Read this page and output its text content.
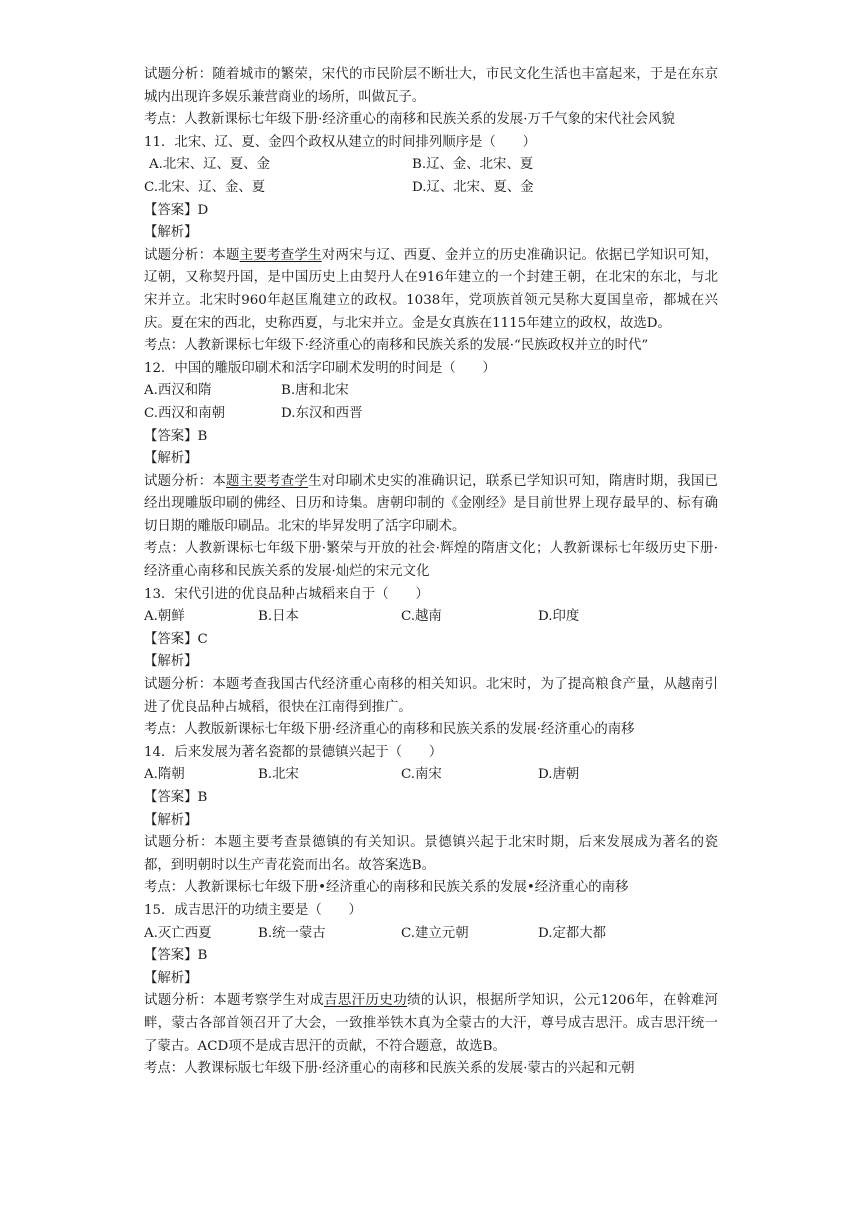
试题分析：随着城市的繁荣，宋代的市民阶层不断壮大，市民文化生活也丰富起来，于是在东京城内出现许多娱乐兼营商业的场所，叫做瓦子。

考点：人教新课标七年级下册·经济重心的南移和民族关系的发展·万千气象的宋代社会风貌

11．北宋、辽、夏、金四个政权从建立的时间排列顺序是（　　）
A.北宋、辽、夏、金	B.辽、金、北宋、夏
C.北宋、辽、金、夏	D.辽、北宋、夏、金
【答案】D
【解析】

试题分析：本题主要考查学生对两宋与辽、西夏、金并立的历史准确识记。依据已学知识可知，辽朝，又称契丹国，是中国历史上由契丹人在916年建立的一个封建王朝，在北宋的东北，与北宋并立。北宋时960年赵匡胤建立的政权。1038年，党项族首领元昊称大夏国皇帝，都城在兴庆。夏在宋的西北，史称西夏，与北宋并立。金是女真族在1115年建立的政权，故选D。

考点：人教新课标七年级下·经济重心的南移和民族关系的发展·“民族政权并立的时代”

12．中国的雕版印刷术和活字印刷术发明的时间是（　　）
A.西汉和隋	B.唐和北宋
C.西汉和南朝	D.东汉和西晋
【答案】B
【解析】

试题分析：本题主要考查学生对印刷术史实的准确识记，联系已学知识可知，隋唐时期，我国已经出现雕版印刷的佛经、日历和诗集。唐朝印制的《金刚经》是目前世界上现存最早的、标有确切日期的雕版印刷品。北宋的毕昇发明了活字印刷术。

考点：人教新课标七年级下册·繁荣与开放的社会·辉煌的隋唐文化；人教新课标七年级历史下册·经济重心南移和民族关系的发展·灿烂的宋元文化

13．宋代引进的优良品种占城稻来自于（　　）
A.朝鲜	B.日本	C.越南	D.印度
【答案】C
【解析】

试题分析：本题考查我国古代经济重心南移的相关知识。北宋时，为了提高粮食产量，从越南引进了优良品种占城稻，很快在江南得到推广。

考点：人教版新课标七年级下册·经济重心的南移和民族关系的发展·经济重心的南移

14．后来发展为著名瓷都的景德镇兴起于（　　）
A.隋朝	B.北宋	C.南宋	D.唐朝
【答案】B
【解析】

试题分析：本题主要考查景德镇的有关知识。景德镇兴起于北宋时期，后来发展成为著名的瓷都，到明朝时以生产青花瓷而出名。故答案选B。

考点：人教新课标七年级下册•经济重心的南移和民族关系的发展•经济重心的南移

15．成吉思汗的功绩主要是（　　）
A.灭亡西夏	B.统一蒙古	C.建立元朝	D.定都大都
【答案】B
【解析】

试题分析：本题考察学生对成吉思汗历史功绩的认识，根据所学知识，公元1206年，在斡难河畔，蒙古各部首领召开了大会，一致推举铁木真为全蒙古的大汗，尊号成吉思汗。成吉思汗统一了蒙古。ACD项不是成吉思汗的贡献，不符合题意，故选B。

考点：人教课标版七年级下册·经济重心的南移和民族关系的发展·蒙古的兴起和元朝
